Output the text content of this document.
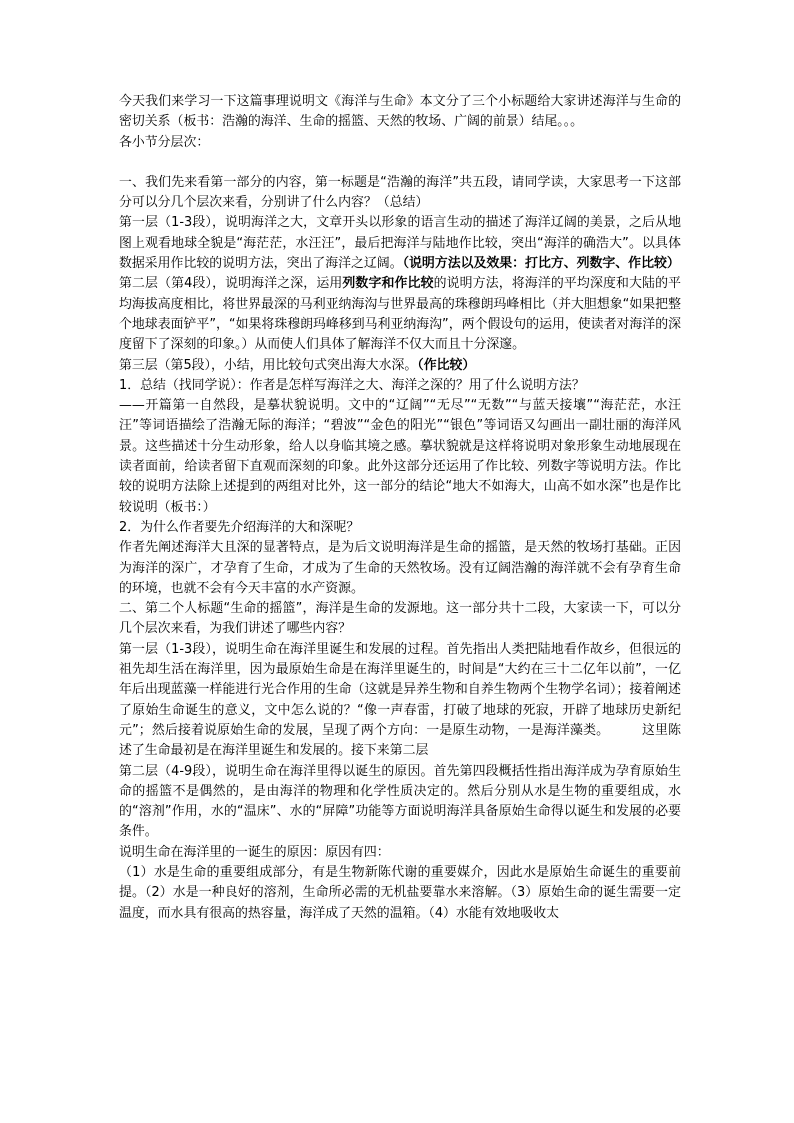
今天我们来学习一下这篇事理说明文《海洋与生命》本文分了三个小标题给大家讲述海洋与生命的密切关系（板书：浩瀚的海洋、生命的摇篮、天然的牧场、广阔的前景）结尾。。。

各小节分层次：

一、我们先来看第一部分的内容，第一标题是“浩瀚的海洋”共五段，请同学读，大家思考一下这部分可以分几个层次来看，分别讲了什么内容？（总结）

第一层（1-3段），说明海洋之大，文章开头以形象的语言生动的描述了海洋辽阔的美景，之后从地图上观看地球全貌是“海茫茫，水汪汪”，最后把海洋与陆地作比较，突出“海洋的确浩大”。以具体数据采用作比较的说明方法，突出了海洋之辽阔。（说明方法以及效果：打比方、列数字、作比较）

第二层（第4段），说明海洋之深，运用列数字和作比较的说明方法，将海洋的平均深度和大陆的平均海拔高度相比，将世界最深的马利亚纳海沟与世界最高的珠穆朗玛峰相比（并大胆想象“如果把整个地球表面铲平”，“如果将珠穆朗玛峰移到马利亚纳海沟”，两个假设句的运用，使读者对海洋的深度留下了深刻的印象。）从而使人们具体了解海洋不仅大而且十分深邃。

第三层（第5段），小结，用比较句式突出海大水深。（作比较）

1．总结（找同学说）：作者是怎样写海洋之大、海洋之深的？用了什么说明方法？

——开篇第一自然段，是摹状貌说明。文中的“辽阔”“无尽”“无数”“与蓝天接壤”“海茫茫，水汪汪”等词语描绘了浩瀚无际的海洋；“碧波”“金色的阳光”“银色”等词语又勾画出一副壮丽的海洋风景。这些描述十分生动形象，给人以身临其境之感。摹状貌就是这样将说明对象形象生动地展现在读者面前，给读者留下直观而深刻的印象。此外这部分还运用了作比较、列数字等说明方法。作比较的说明方法除上述提到的两组对比外，这一部分的结论“地大不如海大，山高不如水深”也是作比较说明（板书：）

2．为什么作者要先介绍海洋的大和深呢？

作者先阐述海洋大且深的显著特点，是为后文说明海洋是生命的摇篮，是天然的牧场打基础。正因为海洋的深广，才孕育了生命，才成为了生命的天然牧场。没有辽阔浩瀚的海洋就不会有孕育生命的环境，也就不会有今天丰富的水产资源。

二、第二个人标题“生命的摇篮”，海洋是生命的发源地。这一部分共十二段，大家读一下，可以分几个层次来看，为我们讲述了哪些内容？

第一层（1-3段），说明生命在海洋里诞生和发展的过程。首先指出人类把陆地看作故乡，但很远的祖先却生活在海洋里，因为最原始生命是在海洋里诞生的，时间是“大约在三十二亿年以前”，一亿年后出现蓝藻一样能进行光合作用的生命（这就是异养生物和自养生物两个生物学名词）；接着阐述了原始生命诞生的意义，文中怎么说的？“像一声春雷，打破了地球的死寂，开辟了地球历史新纪元”；然后接着说原始生命的发展，呈现了两个方向：一是原生动物，一是海洋藻类。　　　这里陈述了生命最初是在海洋里诞生和发展的。接下来第二层

第二层（4-9段），说明生命在海洋里得以诞生的原因。首先第四段概括性指出海洋成为孕育原始生命的摇篮不是偶然的，是由海洋的物理和化学性质决定的。然后分别从水是生物的重要组成，水的“溶剂”作用，水的“温床”、水的“屏障”功能等方面说明海洋具备原始生命得以诞生和发展的必要条件。

说明生命在海洋里的一诞生的原因：原因有四：

（1）水是生命的重要组成部分，有是生物新陈代谢的重要媒介，因此水是原始生命诞生的重要前提。（2）水是一种良好的溶剂，生命所必需的无机盐要靠水来溶解。（3）原始生命的诞生需要一定温度，而水具有很高的热容量，海洋成了天然的温箱。（4）水能有效地吸收太
